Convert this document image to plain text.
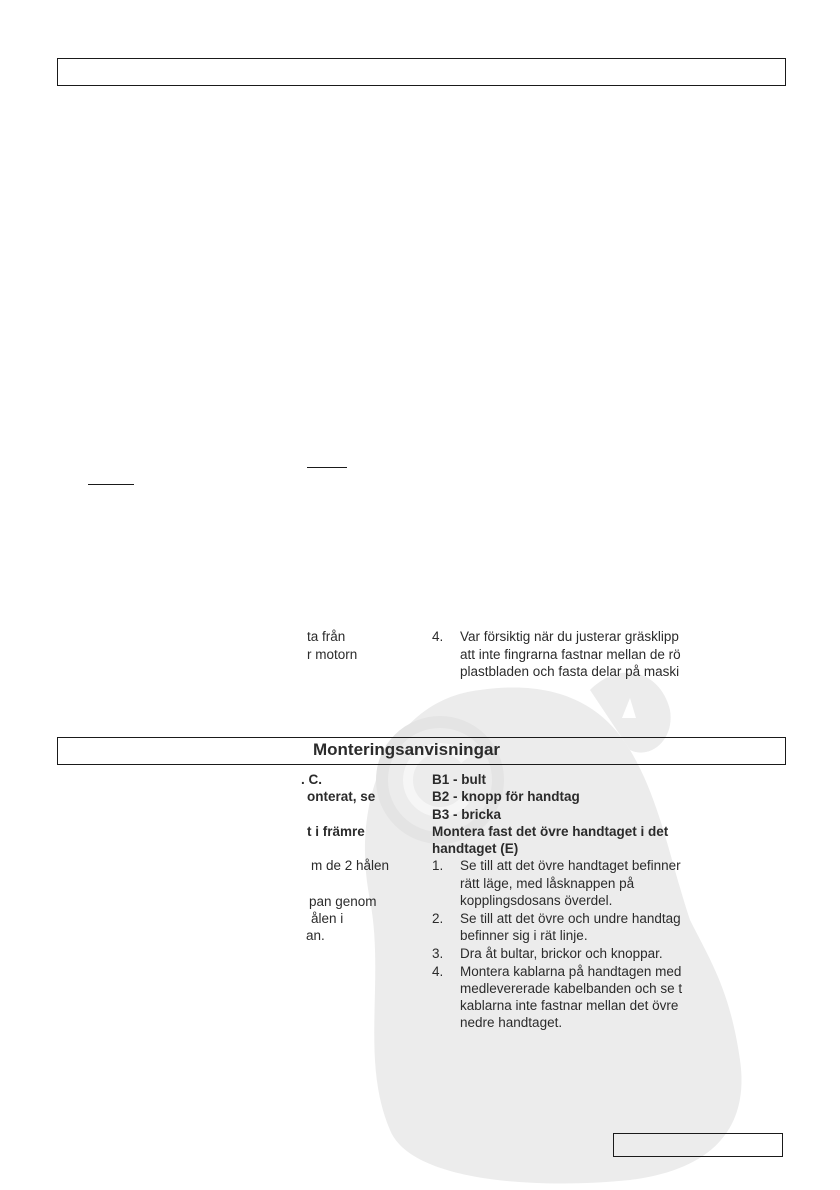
ta från
r motorn
4. Var försiktig när du justerar gräsklipp
att inte fingrarna fastnar mellan de rö
plastbladen och fasta delar på maski
Monteringsanvisningar
. C.
onterat, se
t i främre
m de 2 hålen
pan genom
ålen i
an.
B1 - bult
B2 - knopp för handtag
B3 - bricka
Montera fast det övre handtaget i det
handtaget (E)
1. Se till att det övre handtaget befinner
rätt läge, med låsknappen på
kopplingsdosans överdel.
2. Se till att det övre och undre handtag
befinner sig i rät linje.
3. Dra åt bultar, brickor och knoppar.
4. Montera kablarna på handtagen med
medlevererade kabelbanden och se t
kablarna inte fastnar mellan det övre
nedre handtaget.
